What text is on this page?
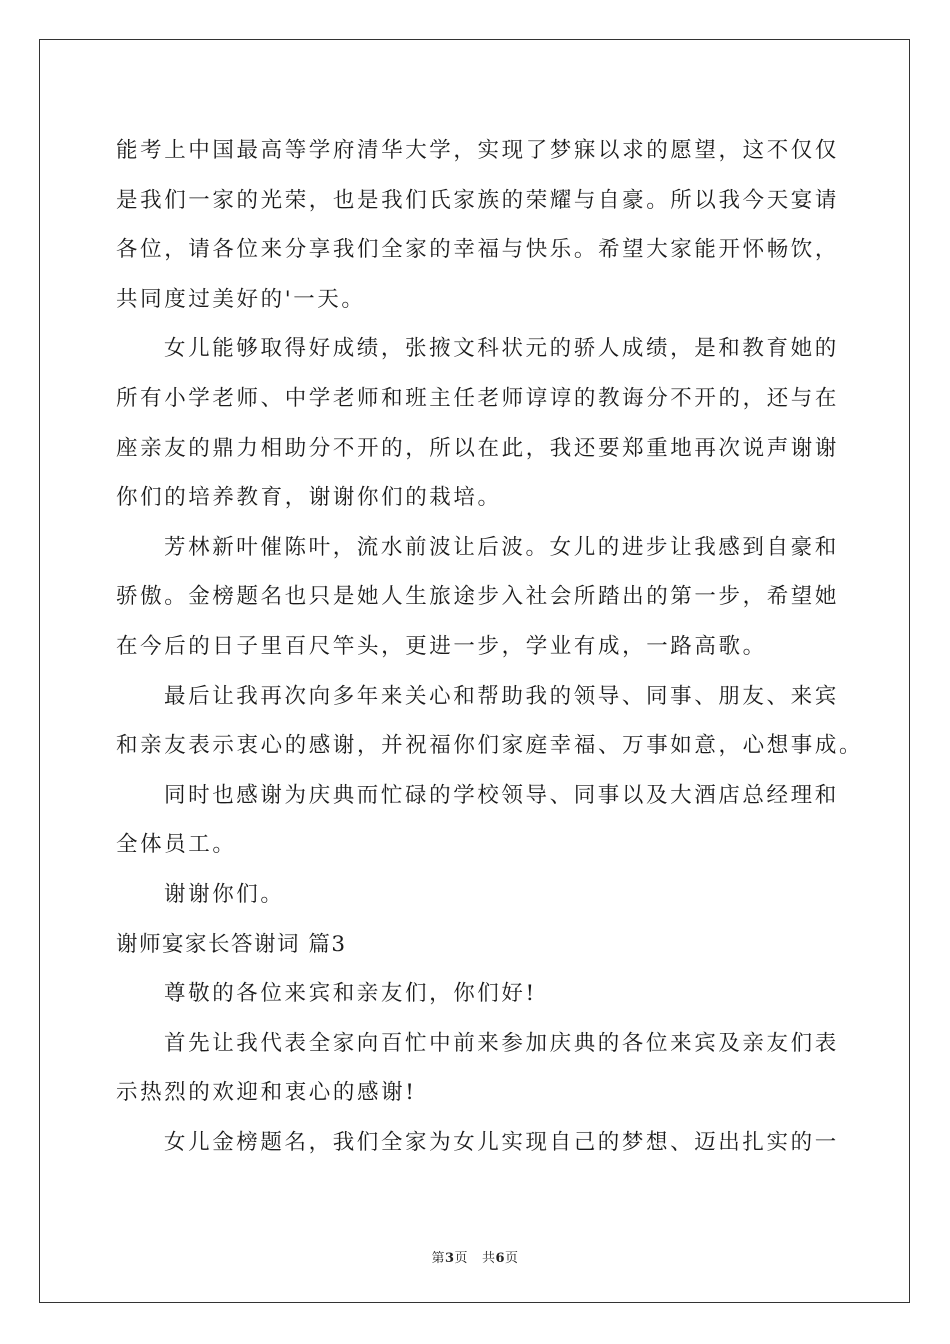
能考上中国最高等学府清华大学，实现了梦寐以求的愿望，这不仅仅
是我们一家的光荣，也是我们氏家族的荣耀与自豪。所以我今天宴请
各位，请各位来分享我们全家的幸福与快乐。希望大家能开怀畅饮，
共同度过美好的'一天。
女儿能够取得好成绩，张掖文科状元的骄人成绩，是和教育她的
所有小学老师、中学老师和班主任老师谆谆的教诲分不开的，还与在
座亲友的鼎力相助分不开的，所以在此，我还要郑重地再次说声谢谢
你们的培养教育，谢谢你们的栽培。
芳林新叶催陈叶，流水前波让后波。女儿的进步让我感到自豪和
骄傲。金榜题名也只是她人生旅途步入社会所踏出的第一步，希望她
在今后的日子里百尺竿头，更进一步，学业有成，一路高歌。
最后让我再次向多年来关心和帮助我的领导、同事、朋友、来宾
和亲友表示衷心的感谢，并祝福你们家庭幸福、万事如意，心想事成。
同时也感谢为庆典而忙碌的学校领导、同事以及大酒店总经理和
全体员工。
谢谢你们。
谢师宴家长答谢词 篇3
尊敬的各位来宾和亲友们，你们好!
首先让我代表全家向百忙中前来参加庆典的各位来宾及亲友们表
示热烈的欢迎和衷心的感谢!
女儿金榜题名，我们全家为女儿实现自己的梦想、迈出扎实的一
第3页 共6页
